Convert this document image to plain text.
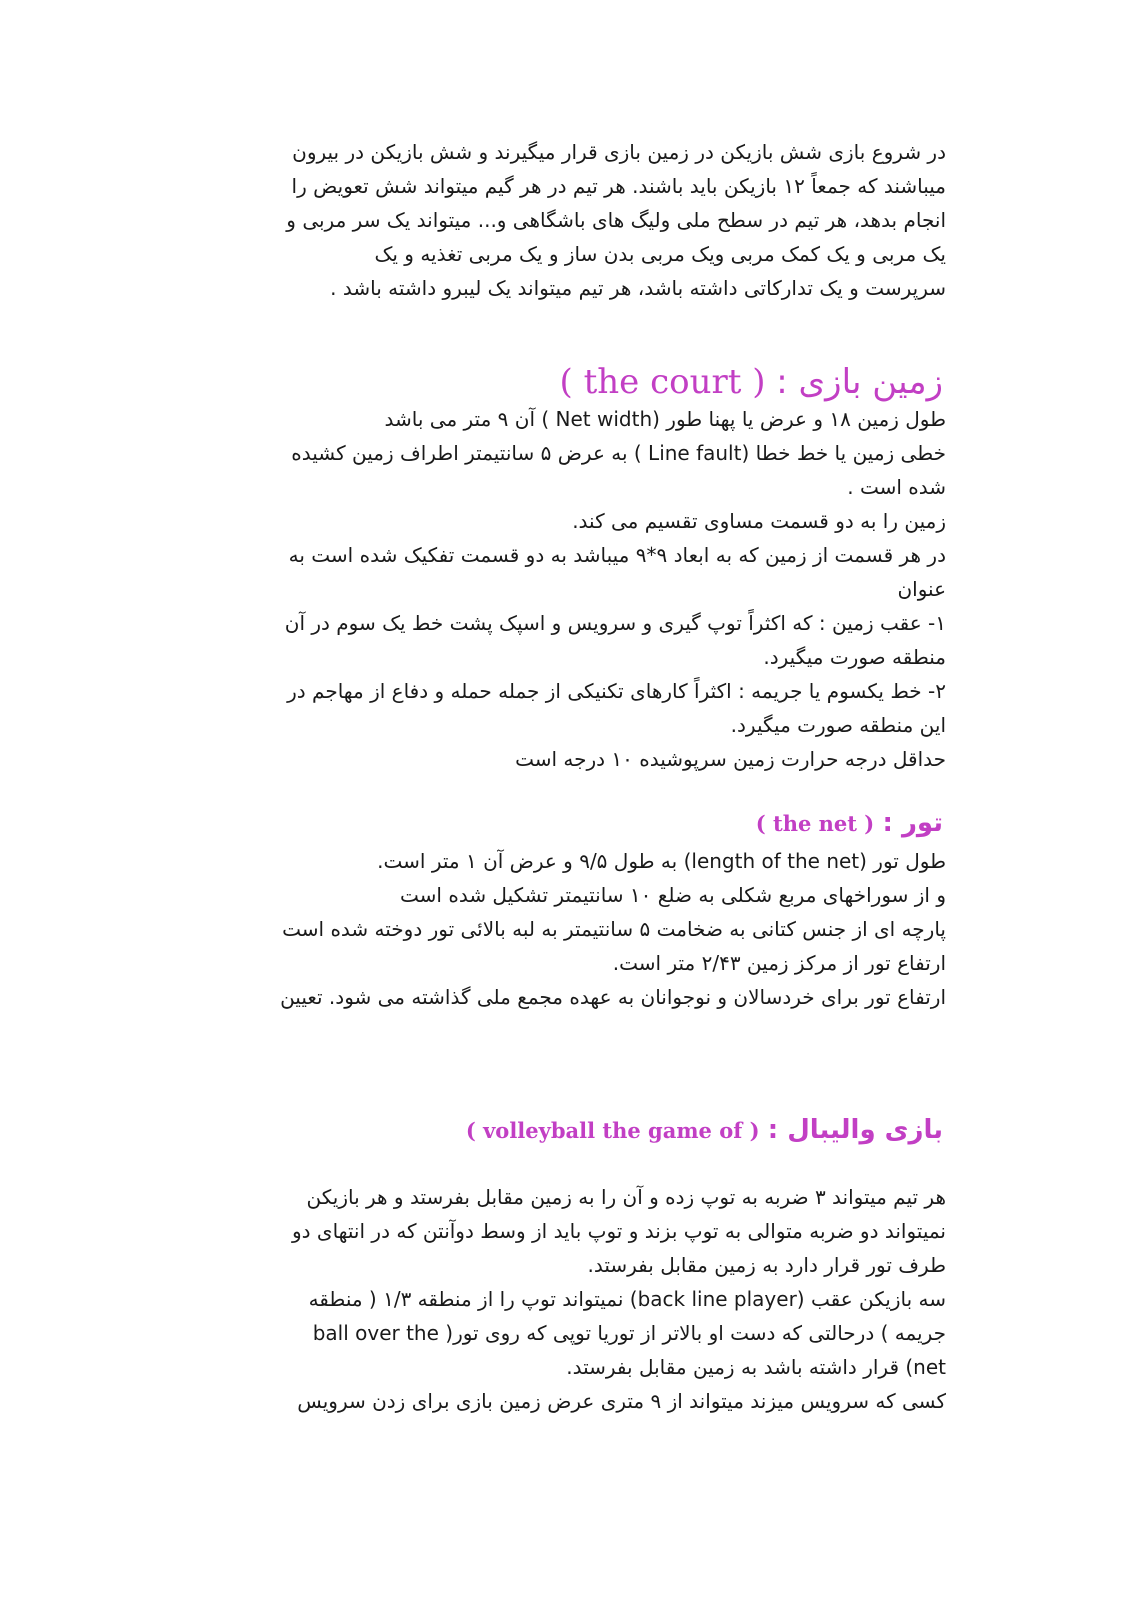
در شروع بازی شش بازیکن در زمین بازی قرار میگیرند و شش بازیکن در بیرون
میباشند که جمعاً ۱۲ بازیکن باید باشند. هر تیم در هر گیم میتواند شش تعویض را
انجام بدهد، هر تیم در سطح ملی ولیگ های باشگاهی و... میتواند یک سر مربی و
یک مربی و یک کمک مربی ویک مربی بدن ساز و یک مربی تغذیه و یک
سرپرست و یک تدارکاتی داشته باشد، هر تیم میتواند یک لیبرو داشته باشد .
زمین بازی : ( the court )
طول زمین ۱۸ و عرض یا پهنا طور (Net width ) آن ۹ متر می باشد
خطی زمین یا خط خطا (Line fault ) به عرض ۵ سانتیمتر اطراف زمین کشیده
شده است .
زمین را به دو قسمت مساوی تقسیم می کند.
در هر قسمت از زمین که به ابعاد ۹*۹ میباشد به دو قسمت تفکیک شده است به
عنوان
۱- عقب زمین : که اکثراً توپ گیری و سرویس و اسپک پشت خط یک سوم در آن
منطقه صورت میگیرد.
۲- خط یکسوم یا جریمه : اکثراً کارهای تکنیکی از جمله حمله و دفاع از مهاجم در
این منطقه صورت میگیرد.
حداقل درجه حرارت زمین سرپوشیده ۱۰ درجه است
تور : ( the net )
طول تور (length of the net) به طول ۹/۵ و عرض آن ۱ متر است.
و از سوراخهای مربع شکلی به ضلع ۱۰ سانتیمتر تشکیل شده است
پارچه ای از جنس کتانی به ضخامت ۵ سانتیمتر به لبه بالائی تور دوخته شده است
ارتفاع تور از مرکز زمین ۲/۴۳ متر است.
ارتفاع تور برای خردسالان و نوجوانان به عهده مجمع ملی گذاشته می شود. تعیین
بازی والیبال : ( volleyball the game of )
هر تیم میتواند ۳ ضربه به توپ زده و آن را به زمین مقابل بفرستد و هر بازیکن
نمیتواند دو ضربه متوالی به توپ بزند و توپ باید از وسط دوآنتن که در انتهای دو
طرف تور قرار دارد به زمین مقابل بفرستد.
سه بازیکن عقب (back line player) نمیتواند توپ را از منطقه ۱/۳ ( منطقه
جریمه ) درحالتی که دست او بالاتر از توریا توپی که روی تور( ball over the
net) قرار داشته باشد به زمین مقابل بفرستد.
کسی که سرویس میزند میتواند از ۹ متری عرض زمین بازی برای زدن سرویس
